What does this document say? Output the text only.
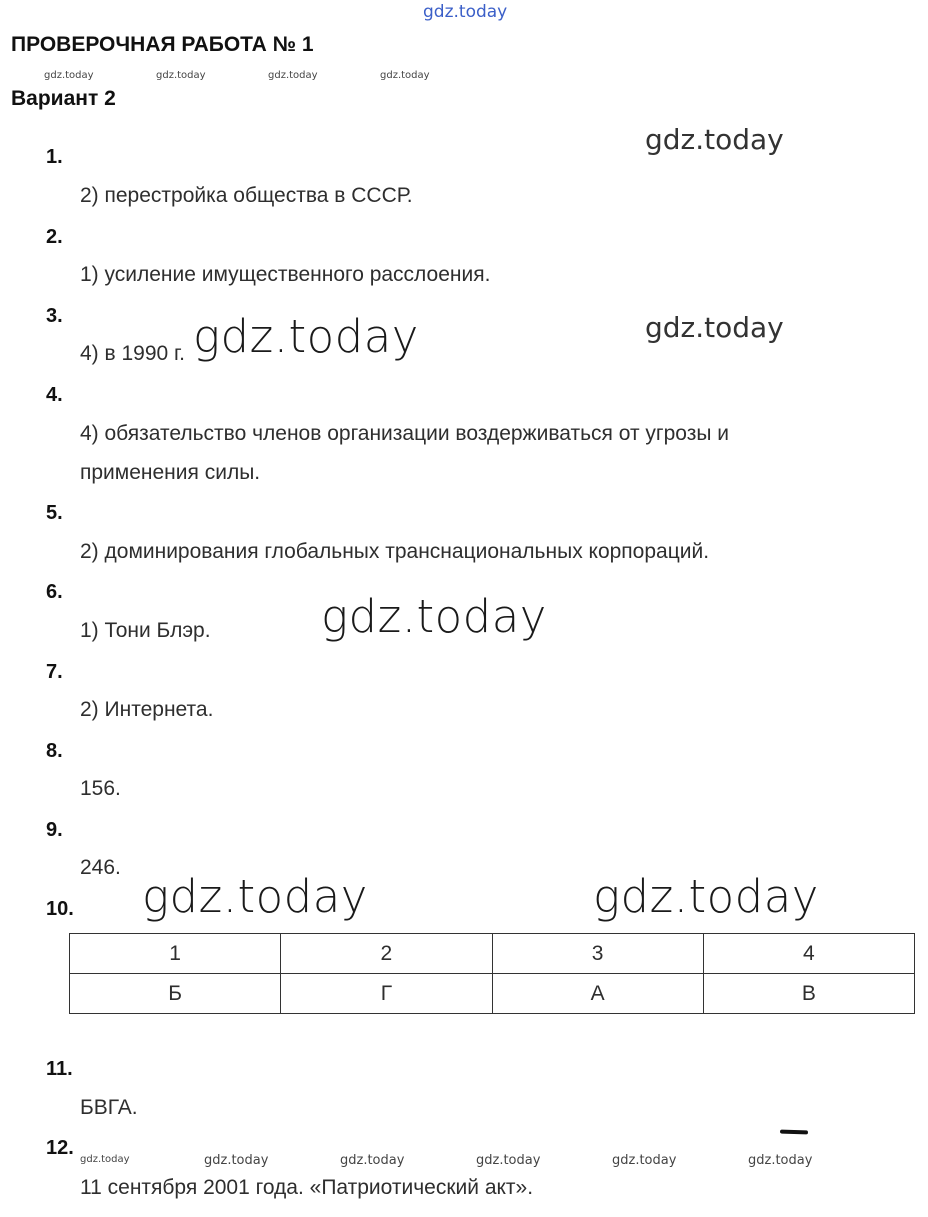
gdz.today
ПРОВЕРОЧНАЯ РАБОТА № 1
gdz.today	gdz.today	gdz.today	gdz.today
Вариант 2
1.
gdz.today
2) перестройка общества в СССР.
2.
1) усиление имущественного расслоения.
3.
4) в 1990 г. gdz.today	gdz.today
4.
4) обязательство членов организации воздерживаться от угрозы и
применения силы.
5.
2) доминирования глобальных транснациональных корпораций.
6.
1) Тони Блэр. gdz.today
7.
2) Интернета.
8.
156.
9.
246.
10. gdz.today	gdz.today
1	2	3	4
Б	Г	А	В
11.
БВГА.
12.
gdz.today	gdz.today	gdz.today	gdz.today	gdz.today	gdz.today
11 сентября 2001 года. «Патриотический акт».
